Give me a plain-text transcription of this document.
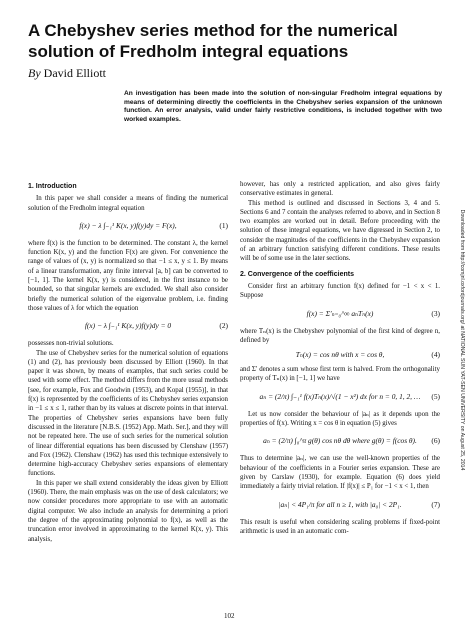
A Chebyshev series method for the numerical solution of Fredholm integral equations
By David Elliott
An investigation has been made into the solution of non-singular Fredholm integral equations by means of determining directly the coefficients in the Chebyshev series expansion of the unknown function. An error analysis, valid under fairly restrictive conditions, is included together with two worked examples.
1. Introduction

In this paper we shall consider a means of finding the numerical solution of the Fredholm integral equation

f(x) − λ ∫₋₁¹ K(x, y)f(y)dy = F(x),	(1)

where f(x) is the function to be determined. The constant λ, the kernel function K(x, y) and the function F(x) are given. For convenience the range of values of (x, y) is normalized so that −1 ≤ x, y ≤ 1. By means of a linear transformation, any finite interval [a, b] can be converted to [−1, 1]. The kernel K(x, y) is considered, in the first instance to be bounded, so that singular kernels are excluded. We shall also consider briefly the numerical solution of the eigenvalue problem, i.e. finding those values of λ for which the equation

f(x) − λ ∫₋₁¹ K(x, y)f(y)dy = 0	(2)

possesses non-trivial solutions.

The use of Chebyshev series for the numerical solution of equations (1) and (2), has previously been discussed by Elliott (1960). In that paper it was shown, by means of examples, that such series could be used with some effect. The method differs from the more usual methods [see, for example, Fox and Goodwin (1953), and Kopal (1955)], in that f(x) is represented by the coefficients of its Chebyshev series expansion in −1 ≤ x ≤ 1, rather than by its values at discrete points in that interval. The properties of Chebyshev series expansions have been fully discussed in the literature [N.B.S. (1952) App. Math. Ser.], and they will not be repeated here. The use of such series for the numerical solution of linear differential equations has been discussed by Clenshaw (1957) and Fox (1962). Clenshaw (1962) has used this technique extensively to determine high-accuracy Chebyshev series expansions of elementary functions.

In this paper we shall extend considerably the ideas given by Elliott (1960). There, the main emphasis was on the use of desk calculators; we now consider procedures more appropriate to use with an automatic digital computer. We also include an analysis for determining a priori the degree of the approximating polynomial to f(x), as well as the truncation error involved in approximating to the kernel K(x, y). This analysis,

however, has only a restricted application, and also gives fairly conservative estimates in general.

This method is outlined and discussed in Sections 3, 4 and 5. Sections 6 and 7 contain the analyses referred to above, and in Section 8 two examples are worked out in detail. Before proceeding with the solution of these integral equations, we have digressed in Section 2, to consider the magnitudes of the coefficients in the Chebyshev expansion of an arbitrary function satisfying different conditions. These results will be of some use in the later sections.

2. Convergence of the coefficients

Consider first an arbitrary function f(x) defined for −1 < x < 1. Suppose

f(x) = Σ′ₙ₌₀^∞ aₙTₙ(x)	(3)

where Tₙ(x) is the Chebyshev polynomial of the first kind of degree n, defined by

Tₙ(x) = cos nθ with x = cos θ,	(4)

and Σ′ denotes a sum whose first term is halved. From the orthogonality property of Tₙ(x) in [−1, 1] we have

aₙ = (2/π) ∫₋₁¹ f(x)Tₙ(x)/√(1 − x²) dx for n = 0, 1, 2, … (5)

Let us now consider the behaviour of |aₙ| as it depends upon the properties of f(x). Writing x = cos θ in equation (5) gives

aₙ = (2/π) ∫₀^π g(θ) cos nθ dθ where g(θ) = f(cos θ). (6)

Thus to determine |aₙ|, we can use the well-known properties of the behaviour of the coefficients in a Fourier series expansion. These are given by Carslaw (1930), for example. Equation (6) does yield immediately a fairly trivial relation. If |f(x)| ≤ P₁ for −1 < x < 1, then

|aₙ| < 4P₁/π for all n ≥ 1, with |a₀| < 2P₁.	(7)

This result is useful when considering scaling problems if fixed-point arithmetic is used in an automatic com-

102
Downloaded from http://comjnl.oxfordjournals.org/ at NATIONAL SUN YAT-SEN UNIVERSITY on August 25, 2014
